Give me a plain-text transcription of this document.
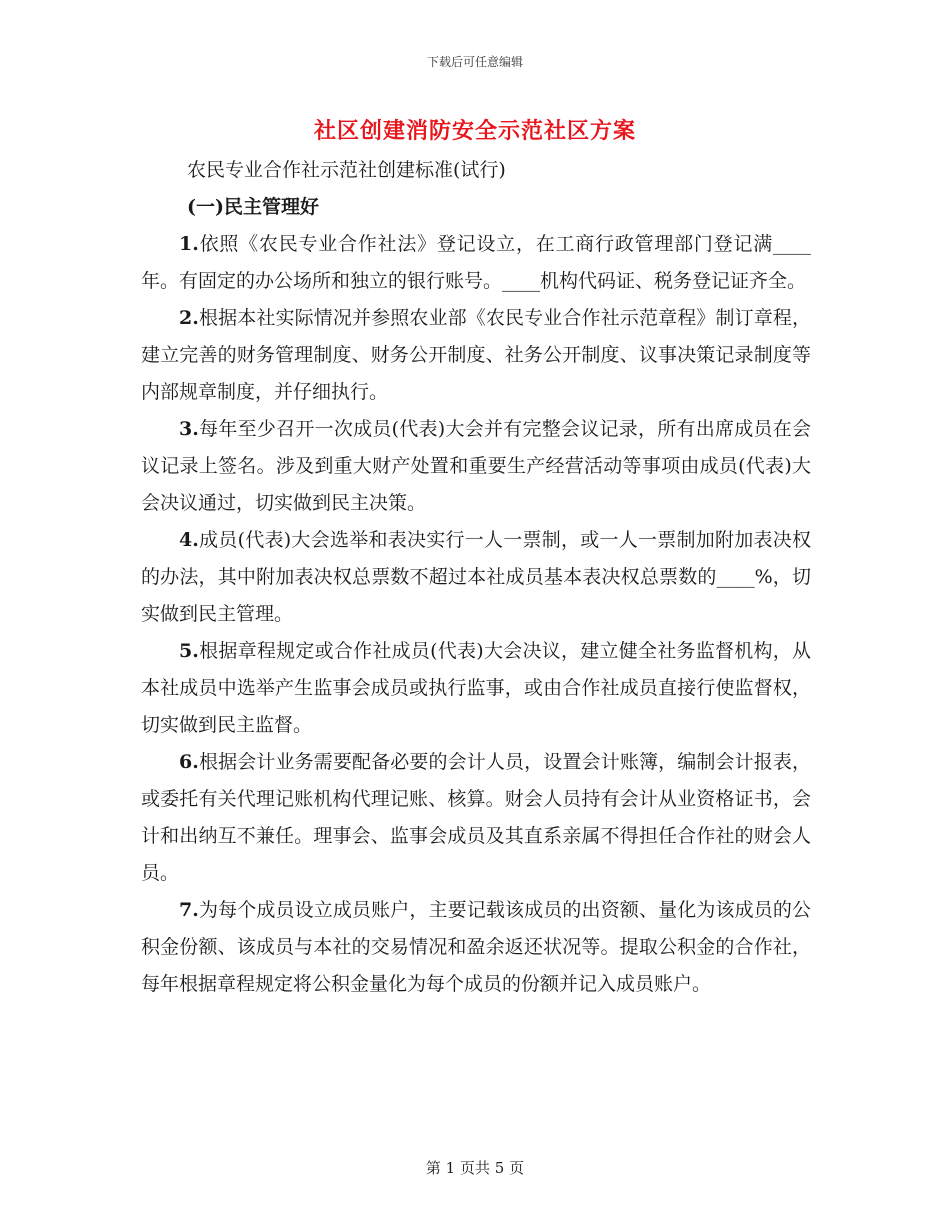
下载后可任意编辑
社区创建消防安全示范社区方案
农民专业合作社示范社创建标准(试行)
(一)民主管理好

1.依照《农民专业合作社法》登记设立，在工商行政管理部门登记满____年。有固定的办公场所和独立的银行账号。____机构代码证、税务登记证齐全。

2.根据本社实际情况并参照农业部《农民专业合作社示范章程》制订章程，建立完善的财务管理制度、财务公开制度、社务公开制度、议事决策记录制度等内部规章制度，并仔细执行。

3.每年至少召开一次成员(代表)大会并有完整会议记录，所有出席成员在会议记录上签名。涉及到重大财产处置和重要生产经营活动等事项由成员(代表)大会决议通过，切实做到民主决策。

4.成员(代表)大会选举和表决实行一人一票制，或一人一票制加附加表决权的办法，其中附加表决权总票数不超过本社成员基本表决权总票数的____%，切实做到民主管理。

5.根据章程规定或合作社成员(代表)大会决议，建立健全社务监督机构，从本社成员中选举产生监事会成员或执行监事，或由合作社成员直接行使监督权，切实做到民主监督。

6.根据会计业务需要配备必要的会计人员，设置会计账簿，编制会计报表，或委托有关代理记账机构代理记账、核算。财会人员持有会计从业资格证书，会计和出纳互不兼任。理事会、监事会成员及其直系亲属不得担任合作社的财会人员。

7.为每个成员设立成员账户，主要记载该成员的出资额、量化为该成员的公积金份额、该成员与本社的交易情况和盈余返还状况等。提取公积金的合作社，每年根据章程规定将公积金量化为每个成员的份额并记入成员账户。

第 1 页共 5 页
